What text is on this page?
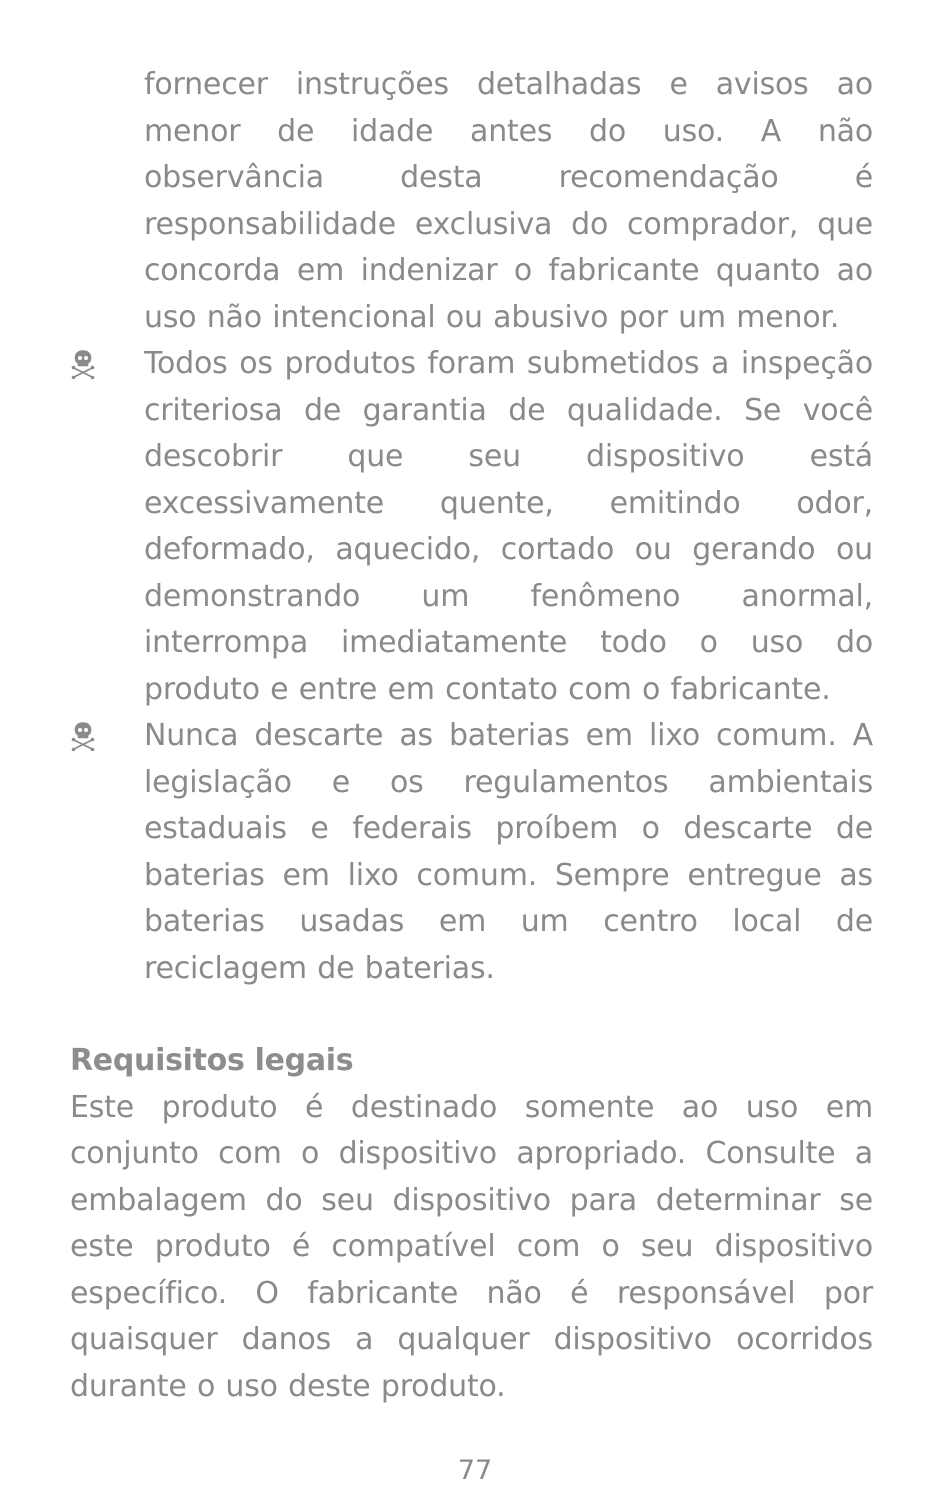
fornecer instruções detalhadas e avisos ao menor de idade antes do uso. A não observância desta recomendação é responsabilidade exclusiva do comprador, que concorda em indenizar o fabricante quanto ao uso não intencional ou abusivo por um menor.
Todos os produtos foram submetidos a inspeção criteriosa de garantia de qualidade. Se você descobrir que seu dispositivo está excessivamente quente, emitindo odor, deformado, aquecido, cortado ou gerando ou demonstrando um fenômeno anormal, interrompa imediatamente todo o uso do produto e entre em contato com o fabricante.
Nunca descarte as baterias em lixo comum. A legislação e os regulamentos ambientais estaduais e federais proíbem o descarte de baterias em lixo comum. Sempre entregue as baterias usadas em um centro local de reciclagem de baterias.
Requisitos legais
Este produto é destinado somente ao uso em conjunto com o dispositivo apropriado. Consulte a embalagem do seu dispositivo para determinar se este produto é compatível com o seu dispositivo específico. O fabricante não é responsável por quaisquer danos a qualquer dispositivo ocorridos durante o uso deste produto.
77
